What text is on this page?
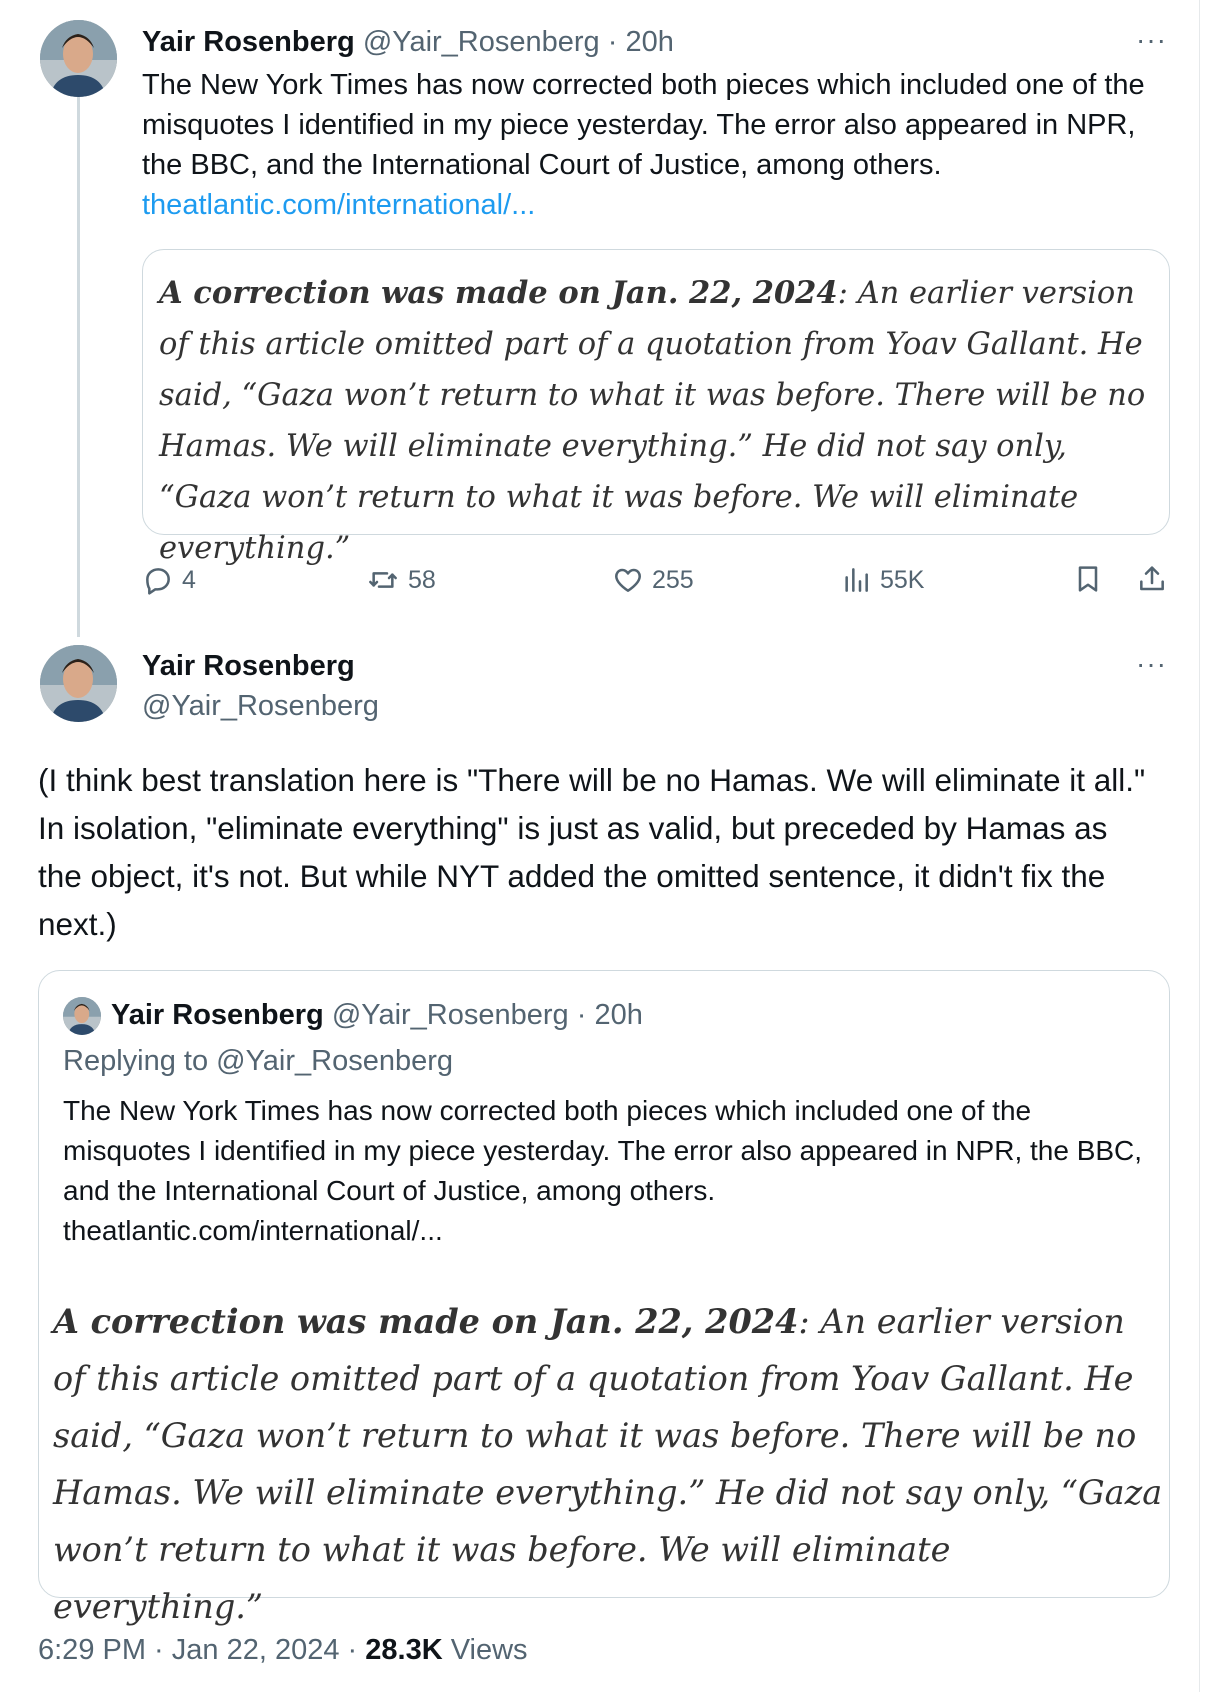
Yair Rosenberg @Yair_Rosenberg · 20h	···
The New York Times has now corrected both pieces which included one of the misquotes I identified in my piece yesterday. The error also appeared in NPR, the BBC, and the International Court of Justice, among others.
theatlantic.com/international/...
A correction was made on Jan. 22, 2024: An earlier version of this article omitted part of a quotation from Yoav Gallant. He said, “Gaza won’t return to what it was before. There will be no Hamas. We will eliminate everything.” He did not say only, “Gaza won’t return to what it was before. We will eliminate everything.”
4	58	255	55K
Yair Rosenberg
@Yair_Rosenberg
···
(I think best translation here is "There will be no Hamas. We will eliminate it all." In isolation, "eliminate everything" is just as valid, but preceded by Hamas as the object, it's not. But while NYT added the omitted sentence, it didn't fix the next.)
Yair Rosenberg @Yair_Rosenberg · 20h
Replying to @Yair_Rosenberg
The New York Times has now corrected both pieces which included one of the misquotes I identified in my piece yesterday. The error also appeared in NPR, the BBC, and the International Court of Justice, among others.
theatlantic.com/international/...
A correction was made on Jan. 22, 2024: An earlier version of this article omitted part of a quotation from Yoav Gallant. He said, “Gaza won’t return to what it was before. There will be no Hamas. We will eliminate everything.” He did not say only, “Gaza won’t return to what it was before. We will eliminate everything.”
6:29 PM · Jan 22, 2024 · 28.3K Views
